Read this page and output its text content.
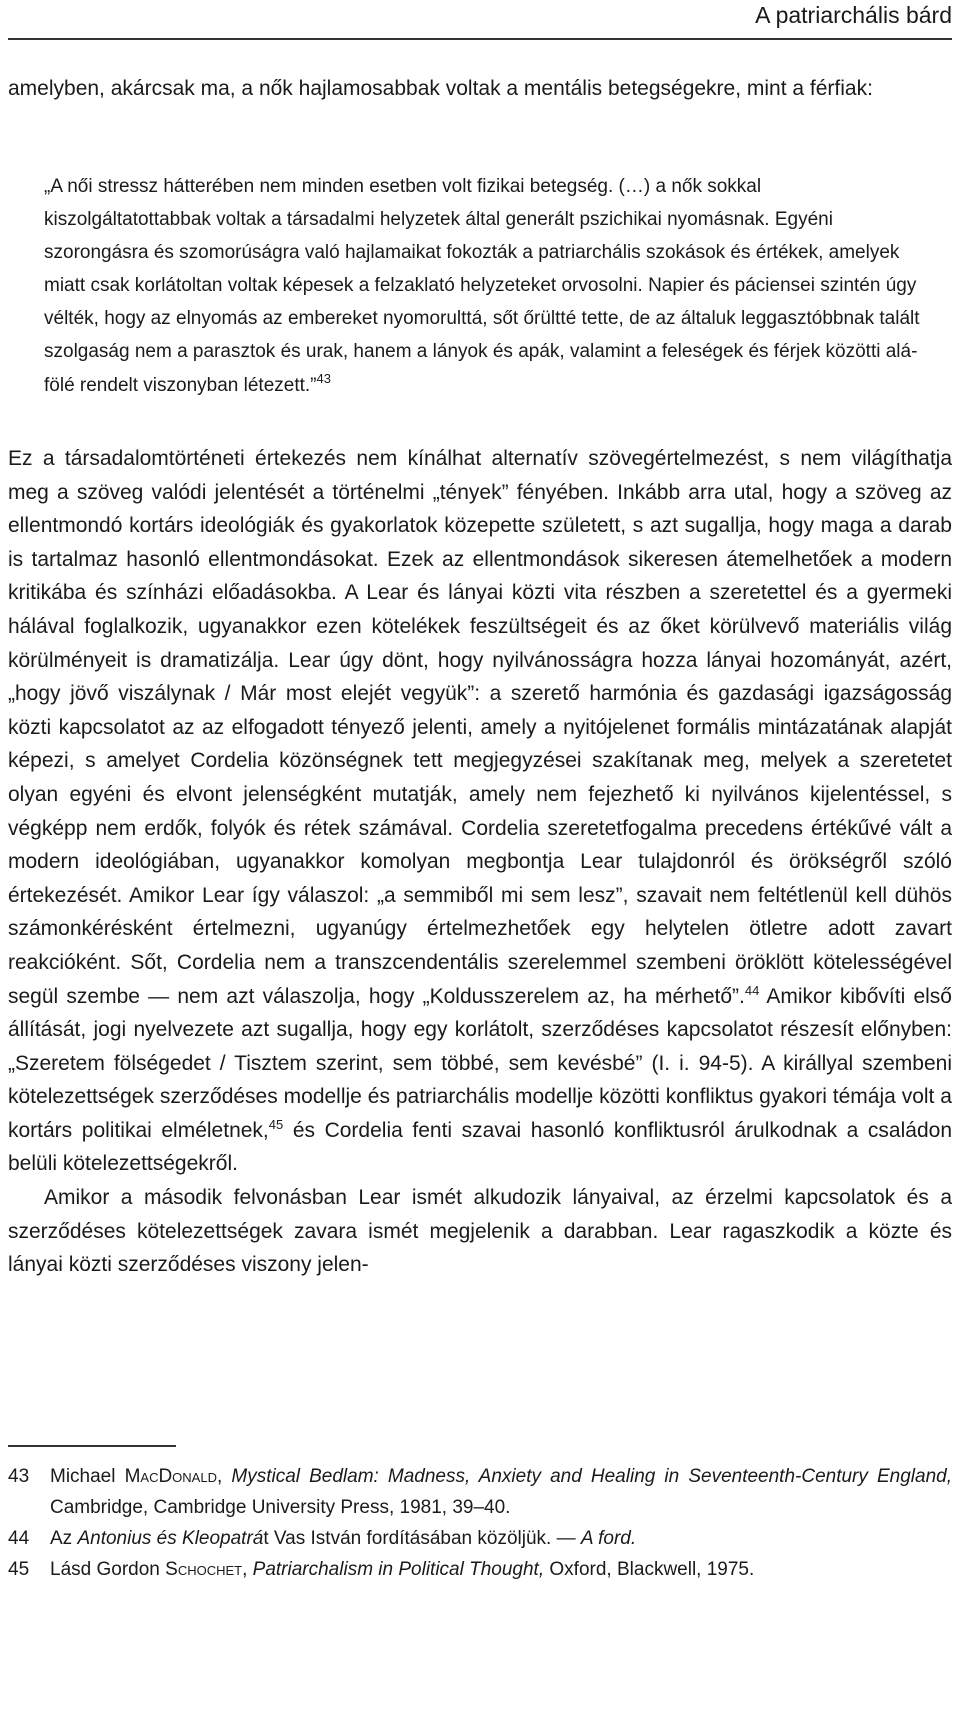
A patriarchális bárd

amelyben, akárcsak ma, a nők hajlamosabbak voltak a mentális betegségekre, mint a férfiak:

„A női stressz hátterében nem minden esetben volt fizikai betegség. (…) a nők sokkal kiszolgáltatottabbak voltak a társadalmi helyzetek által generált pszichikai nyomásnak. Egyéni szorongásra és szomorúságra való hajlamaikat fokozták a patriarchális szokások és értékek, amelyek miatt csak korlátoltan voltak képesek a felzaklató helyzeteket orvosolni. Napier és páciensei szintén úgy vélték, hogy az elnyomás az embereket nyomorulttá, sőt őrültté tette, de az általuk leggasztóbbnak talált szolgaság nem a parasztok és urak, hanem a lányok és apák, valamint a feleségek és férjek közötti alá-fölé rendelt viszonyban létezett.”$^{43}$

Ez a társadalomtörténeti értekezés nem kínálhat alternatív szövegértelmezést, s nem világíthatja meg a szöveg valódi jelentését a történelmi „tények” fényében. Inkább arra utal, hogy a szöveg az ellentmondó kortárs ideológiák és gyakorlatok közepette született, s azt sugallja, hogy maga a darab is tartalmaz hasonló ellentmondásokat. Ezek az ellentmondások sikeresen átemelhetőek a modern kritikába és színházi előadásokba. A Lear és lányai közti vita részben a szeretettel és a gyermeki hálával foglalkozik, ugyanakkor ezen kötelékek feszültségeit és az őket körülvevő materiális világ körülményeit is dramatizálja. Lear úgy dönt, hogy nyilvánosságra hozza lányai hozományát, azért, „hogy jövő viszálynak / Már most elejét vegyük”: a szerető harmónia és gazdasági igazságosság közti kapcsolatot az az elfogadott tényező jelenti, amely a nyitójelenet formális mintázatának alapját képezi, s amelyet Cordelia közönségnek tett megjegyzései szakítanak meg, melyek a szeretetet olyan egyéni és elvont jelenségként mutatják, amely nem fejezhető ki nyilvános kijelentéssel, s végképp nem erdők, folyók és rétek számával. Cordelia szeretetfogalma precedens értékűvé vált a modern ideológiában, ugyanakkor komolyan megbontja Lear tulajdonról és örökségről szóló értekezését. Amikor Lear így válaszol: „a semmiből mi sem lesz”, szavait nem feltétlenül kell dühös számonkérésként értelmezni, ugyanúgy értelmezhetőek egy helytelen ötletre adott zavart reakcióként. Sőt, Cordelia nem a transzcendentális szerelemmel szembeni öröklött kötelességével segül szembe — nem azt válaszolja, hogy „Koldusszerelem az, ha mérhető”.$^{44}$ Amikor kibővíti első állítását, jogi nyelvezete azt sugallja, hogy egy korlátolt, szerződéses kapcsolatot részesít előnyben: „Szeretem fölségedet / Tisztem szerint, sem többé, sem kevésbé” (I. i. 94-5). A királlyal szembeni kötelezettségek szerződéses modellje és patriarchális modellje közötti konfliktus gyakori témája volt a kortárs politikai elméletnek,$^{45}$ és Cordelia fenti szavai hasonló konfliktusról árulkodnak a családon belüli kötelezettségekről.

Amikor a második felvonásban Lear ismét alkudozik lányaival, az érzelmi kapcsolatok és a szerződéses kötelezettségek zavara ismét megjelenik a darabban. Lear ragaszkodik a közte és lányai közti szerződéses viszony jelen-

43	Michael MacDonald, Mystical Bedlam: Madness, Anxiety and Healing in Seventeenth-Century England, Cambridge, Cambridge University Press, 1981, 39–40.
44	Az Antonius és Kleopatrát Vas István fordításában közöljük. — A ford.
45	Lásd Gordon Schochet, Patriarchalism in Political Thought, Oxford, Blackwell, 1975.
